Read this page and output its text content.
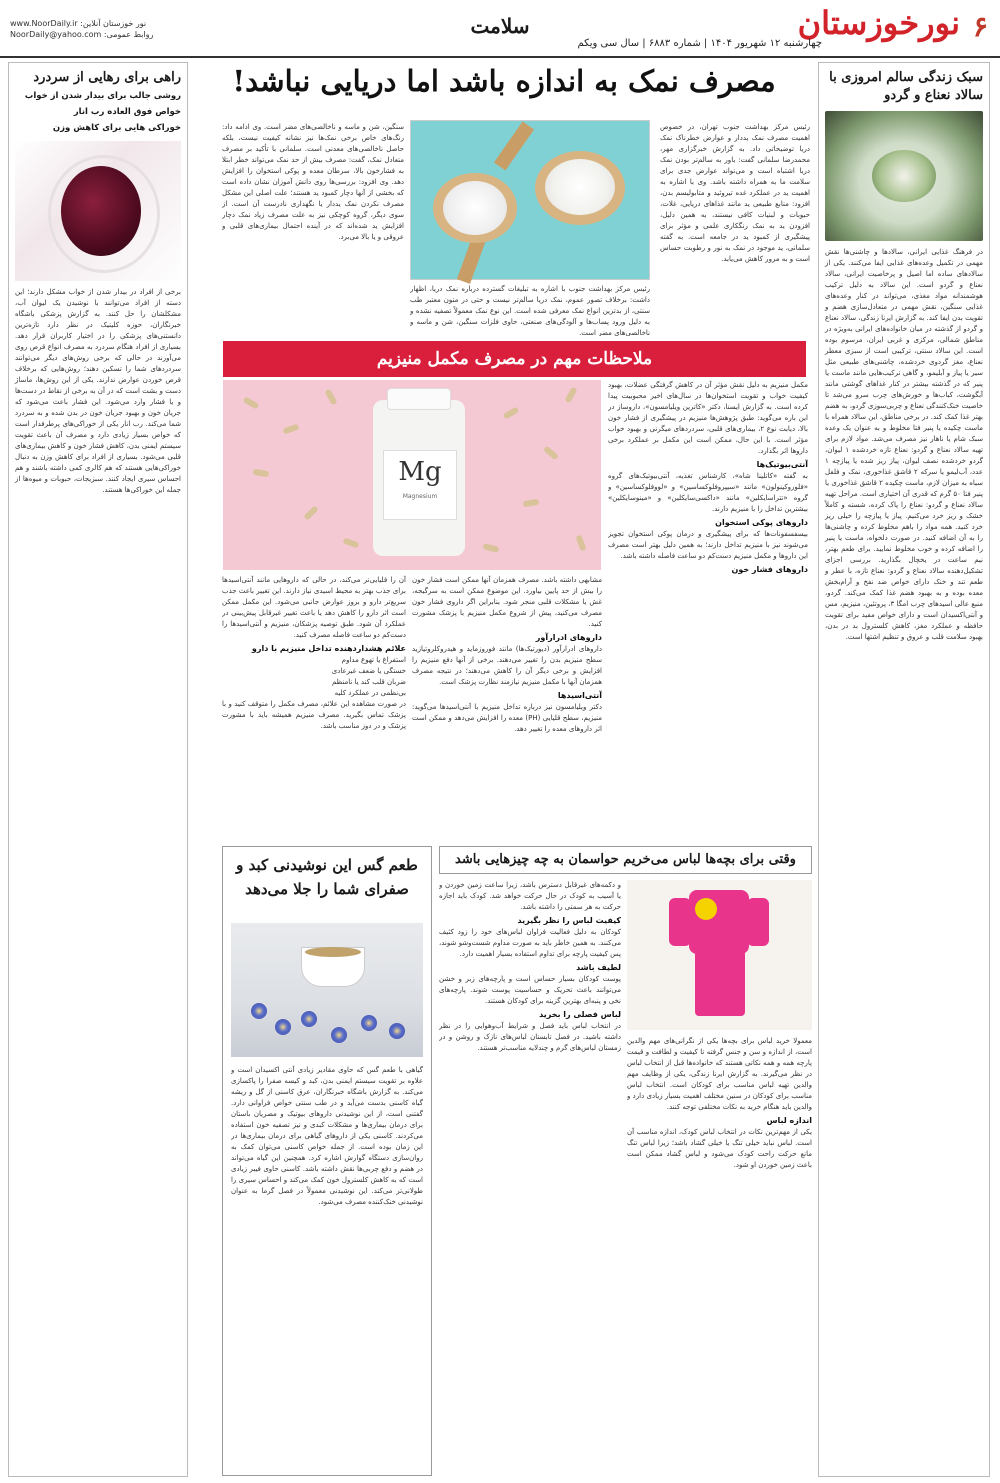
۶
نورخوزستان
چهارشنبه ۱۲ شهریور ۱۴۰۴ | شماره ۶۸۸۳ | سال سی ویکم
سلامت
نور خوزستان آنلاین: www.NoorDaily.ir
روابط عمومی: NoorDaily@yahoo.com
سبک زندگی سالم امروزی با سالاد نعناع و گردو

در فرهنگ غذایی ایرانی، سالادها و چاشنی‌ها نقش مهمی در تکمیل وعده‌های غذایی ایفا می‌کنند. یکی از سالادهای ساده اما اصیل و پرخاصیت ایرانی، سالاد نعناع و گردو است. این سالاد به دلیل ترکیب هوشمندانه مواد مغذی، می‌تواند در کنار وعده‌های غذایی سنگین، نقش مهمی در متعادل‌سازی هضم و تقویت بدن ایفا کند. به گزارش ایرنا زندگی، سالاد نعناع و گردو از گذشته در میان خانواده‌های ایرانی به‌ویژه در مناطق شمالی، مرکزی و غربی ایران، مرسوم بوده است. این سالاد سنتی، ترکیبی است از سبزی معطر نعناع، مغز گردوی خردشده، چاشنی‌های طبیعی مثل سیر یا پیاز و آبلیمو، و گاهی ترکیب‌هایی مانند ماست یا پنیر که در گذشته بیشتر در کنار غذاهای گوشتی مانند آبگوشت، کباب‌ها و خورش‌های چرب سرو می‌شد تا خاصیت خنک‌کنندگی نعناع و چربی‌سوزی گردو، به هضم بهتر غذا کمک کند. در برخی مناطق، این سالاد همراه با ماست چکیده یا پنیر فتا مخلوط و به عنوان یک وعده سبک شام یا ناهار نیز مصرف می‌شد. مواد لازم برای تهیه سالاد نعناع و گردو: نعناع تازه خردشده ۱ لیوان، گردو خردشده نصف لیوان، پیاز ریز شده یا پیازچه ۱ عدد، آب‌لیمو یا سرکه ۲ قاشق غذاخوری، نمک و فلفل سیاه به میزان لازم، ماست چکیده ۲ قاشق غذاخوری یا پنیر فتا ۵۰ گرم که قدری آن اختیاری است. مراحل تهیه سالاد نعناع و گردو: نعناع را پاک کرده، شسته و کاملاً خشک و ریز خرد می‌کنیم. پیاز یا پیازچه را خیلی ریز خرد کنید. همه مواد را باهم مخلوط کرده و چاشنی‌ها را به آن اضافه کنید. در صورت دلخواه، ماست یا پنیر را اضافه کرده و خوب مخلوط نمایید. برای طعم بهتر، نیم ساعت در یخچال بگذارید. بررسی اجزای تشکیل‌دهنده سالاد نعناع و گردو: نعناع تازه، با عطر و طعم تند و خنک دارای خواص ضد نفخ و آرام‌بخش معده بوده و به بهبود هضم غذا کمک می‌کند. گردو، منبع عالی اسیدهای چرب امگا ۳، پروتئین، منیزیم، مس و آنتی‌اکسیدان است و دارای خواص مفید برای تقویت حافظه و عملکرد مغز، کاهش کلسترول بد در بدن، بهبود سلامت قلب و عروق و تنظیم اشتها است.

راهی برای رهایی از سردرد
روشی جالب برای بیدار شدن از خواب
خواص فوق العاده رب انار
خوراکی هایی برای کاهش وزن

برخی از افراد در بیدار شدن از خواب مشکل دارند؛ این دسته از افراد می‌توانند با نوشیدن یک لیوان آب، مشکلشان را حل کنند. به گزارش پزشکی باشگاه خبرنگاران، حوزه کلینیک در نظر دارد تازه‌ترین دانستنی‌های پزشکی را در اختیار کاربران قرار دهد. بسیاری از افراد هنگام سردرد به مصرف انواع قرص روی می‌آورند در حالی که برخی روش‌های دیگر می‌توانند سردردهای شما را تسکین دهند؛ روش‌هایی که برخلاف قرص خوردن عوارض ندارند. یکی از این روش‌ها، ماساژ دست و بشت است که در آن به برخی از نقاط در دست‌ها و یا فشار وارد می‌شود. این فشار باعث می‌شود که جریان خون و بهبود جریان خون در بدن شده و به سردرد شما می‌کند. رب انار یکی از خوراکی‌های پرطرفدار است که خواص بسیار زیادی دارد و مصرف آن باعث تقویت سیستم ایمنی بدن، کاهش فشار خون و کاهش بیماری‌های قلبی می‌شود. بسیاری از افراد برای کاهش وزن به دنبال خوراکی‌هایی هستند که هم کالری کمی داشته باشند و هم احساس سیری ایجاد کنند. سبزیجات، حبوبات و میوه‌ها از جمله این خوراکی‌ها هستند.

مصرف نمک به اندازه باشد اما دریایی نباشد!

رئیس مرکز بهداشت جنوب تهران، در خصوص اهمیت مصرف نمک یددار و عوارض خطرناک نمک دریا توضیحاتی داد. به گزارش خبرگزاری مهر، محمدرضا سلمانی گفت: باور به سالم‌تر بودن نمک دریا اشتباه است و می‌تواند عوارض جدی برای سلامت ما به همراه داشته باشد. وی با اشاره به اهمیت ید در عملکرد غده تیروئید و متابولیسم بدن، افزود: منابع طبیعی ید مانند غذاهای دریایی، غلات، حبوبات و لبنیات کافی نیستند، به همین دلیل، افزودن ید به نمک رنگکاری علمی و مؤثر برای پیشگیری از کمبود ید در جامعه است. به گفته سلمانی، ید موجود در نمک به نور و رطوبت حساس است و به مرور کاهش می‌یابد.

رئیس مرکز بهداشت جنوب با اشاره به تبلیغات گسترده درباره نمک دریا، اظهار داشت: برخلاف تصور عموم، نمک دریا سالم‌تر نیست و حتی در متون معتبر طب سنتی، از بدترین انواع نمک معرفی شده است. این نوع نمک معمولاً تصفیه نشده و به دلیل ورود پساب‌ها و آلودگی‌های صنعتی، حاوی فلزات سنگین، شن و ماسه و ناخالصی‌های مضر است.

سنگین، شن و ماسه و ناخالصی‌های مضر است. وی ادامه داد: رنگ‌های خاص برخی نمک‌ها نیز نشانه کیفیت نیست، بلکه حاصل ناخالصی‌های معدنی است. سلمانی با تأکید بر مصرف متعادل نمک، گفت: مصرف بیش از حد نمک می‌تواند خطر ابتلا به فشارخون بالا، سرطان معده و پوکی استخوان را افزایش دهد. وی افزود: بررسی‌ها روی دانش آموزان نشان داده است که بخشی از آنها دچار کمبود ید هستند؛ علت اصلی این مشکل مصرف نکردن نمک یددار یا نگهداری نادرست آن است. از سوی دیگر، گروه کوچکی نیز به علت مصرف زیاد نمک دچار افزایش ید شده‌اند که در آینده احتمال بیماری‌های قلبی و عروقی و یا بالا می‌برد.

ملاحظات مهم در مصرف مکمل منیزیم
Mg
Magnesium

مکمل منیزیم به دلیل نقش مؤثر آن در کاهش گرفتگی عضلات، بهبود کیفیت خواب و تقویت استخوان‌ها در سال‌های اخیر محبوبیت پیدا کرده است. به گزارش ایسنا، دکتر «کاترین ویلیامسون»، داروساز در این باره می‌گوید: طبق پژوهش‌ها منیزیم در پیشگیری از فشار خون بالا، دیابت نوع ۲، بیماری‌های قلبی، سردردهای میگرنی و بهبود خواب مؤثر است. با این حال، ممکن است این مکمل بر عملکرد برخی داروها اثر بگذارد.

آنتی‌بیوتیک‌ها

به گفته «کاتلینا شاه»، کارشناس تغذیه، آنتی‌بیوتیک‌های گروه «فلوروکینولون» مانند «سیپروفلوکساسین» و «لووفلوکساسین» و گروه «تتراسایکلین» مانند «داکسی‌سایکلین» و «مینوسایکلین» بیشترین تداخل را با منیزیم دارند.

داروهای پوکی استخوان

بیسفسفونات‌ها که برای پیشگیری و درمان پوکی استخوان تجویز می‌شوند نیز با منیزیم تداخل دارند؛ به همین دلیل بهتر است مصرف این داروها و مکمل منیزیم دست‌کم دو ساعت فاصله داشته باشد.

داروهای فشار خون

مشابهی داشته باشد. مصرف همزمان آنها ممکن است فشار خون را بیش از حد پایین بیاورد. این موضوع ممکن است به سرگیجه، غش یا مشکلات قلبی منجر شود. بنابراین اگر داروی فشار خون مصرف می‌کنید، پیش از شروع مکمل منیزیم با پزشک مشورت کنید.

داروهای ادرارآور

داروهای ادرارآور (دیورتیک‌ها) مانند فوروزماید و هیدروکلروتیازید سطح منیزیم بدن را تغییر می‌دهند. برخی از آنها دفع منیزیم را افزایش و برخی دیگر آن را کاهش می‌دهند؛ در نتیجه مصرف همزمان آنها با مکمل منیزیم نیازمند نظارت پزشک است.

آنتی‌اسیدها

دکتر ویلیامسون نیز درباره تداخل منیزیم با آنتی‌اسیدها می‌گوید: منیزیم، سطح قلیایی (PH) معده را افزایش می‌دهد و ممکن است اثر داروهای معده را تغییر دهد.

آن را قلیایی‌تر می‌کند، در حالی که داروهایی مانند آنتی‌اسیدها برای جذب بهتر به محیط اسیدی نیاز دارند. این تغییر باعث جذب سریع‌تر دارو و بروز عوارض جانبی می‌شود. این مکمل ممکن است اثر دارو را کاهش دهد یا باعث تغییر غیرقابل پیش‌بینی در عملکرد آن شود. طبق توصیه پزشکان، منیزیم و آنتی‌اسیدها را دست‌کم دو ساعت فاصله مصرف کنید.

علائم هشداردهنده تداخل منیزیم با دارو

استفراغ یا تهوع مداوم

خستگی یا ضعف غیرعادی

ضربان قلب کند یا نامنظم

بی‌نظمی در عملکرد کلیه

در صورت مشاهده این علائم، مصرف مکمل را متوقف کنید و با پزشک تماس بگیرید. مصرف منیزیم همیشه باید با مشورت پزشک و در دوز مناسب باشد.

وقتی برای بچه‌ها لباس می‌خریم حواسمان به چه چیزهایی باشد

معمولا خرید لباس برای بچه‌ها یکی از نگرانی‌های مهم والدین است، از اندازه و سن و جنس گرفته تا کیفیت و لطافت و قیمت پارچه همه و همه نکاتی هستند که خانواده‌ها قبل از انتخاب لباس در نظر می‌گیرند. به گزارش ایرنا زندگی، یکی از وظایف مهم والدین تهیه لباس مناسب برای کودکان است. انتخاب لباس مناسب برای کودکان در سنین مختلف اهمیت بسیار زیادی دارد و والدین باید هنگام خرید به نکات مختلفی توجه کنند.

اندازه لباس

یکی از مهم‌ترین نکات در انتخاب لباس کودک، اندازه مناسب آن است. لباس نباید خیلی تنگ یا خیلی گشاد باشد؛ زیرا لباس تنگ مانع حرکت راحت کودک می‌شود و لباس گشاد ممکن است باعث زمین خوردن او شود.

و دکمه‌های غیرقابل دسترس باشد، زیرا ساعت زمین خوردن و یا آسیب به کودک در حال حرکت خواهد شد. کودک باید اجازه حرکت به هر سمتی را داشته باشد.

کیفیت لباس را نظر بگیرید

کودکان به دلیل فعالیت فراوان لباس‌های خود را زود کثیف می‌کنند. به همین خاطر باید به صورت مداوم شست‌وشو شوند، پس کیفیت پارچه برای تداوم استفاده بسیار اهمیت دارد.

لطیف باشد

پوست کودکان بسیار حساس است و پارچه‌های زبر و خشن می‌توانند باعث تحریک و حساسیت پوست شوند. پارچه‌های نخی و پنبه‌ای بهترین گزینه برای کودکان هستند.

لباس فصلی را بخرید

در انتخاب لباس باید فصل و شرایط آب‌وهوایی را در نظر داشته باشید. در فصل تابستان لباس‌های نازک و روشن و در زمستان لباس‌های گرم و چندلایه مناسب‌تر هستند.

طعم گس این نوشیدنی کبد و صفرای شما را جلا می‌دهد

گیاهی با طعم گس که حاوی مقادیر زیادی آنتی اکسیدان است و علاوه بر تقویت سیستم ایمنی بدن، کبد و کیسه صفرا را پاکسازی می‌کند. به گزارش باشگاه خبرنگاران، عرق کاسنی از گل و ریشه گیاه کاسنی بدست می‌آید و در طب سنتی خواص فراوانی دارد. گفتنی است، از این نوشیدنی داروهای بیوتیک و مصریان باستان برای درمان بیماری‌ها و مشکلات کبدی و نیز تصفیه خون استفاده می‌کردند. کاسنی یکی از داروهای گیاهی برای درمان بیماری‌ها در این زمان بوده است. از جمله خواص کاسنی می‌توان کمک به روان‌سازی دستگاه گوارش اشاره کرد. همچنین این گیاه می‌تواند در هضم و دفع چربی‌ها نقش داشته باشد. کاسنی حاوی فیبر زیادی است که به کاهش کلسترول خون کمک می‌کند و احساس سیری را طولانی‌تر می‌کند. این نوشیدنی معمولاً در فصل گرما به عنوان نوشیدنی خنک‌کننده مصرف می‌شود.
